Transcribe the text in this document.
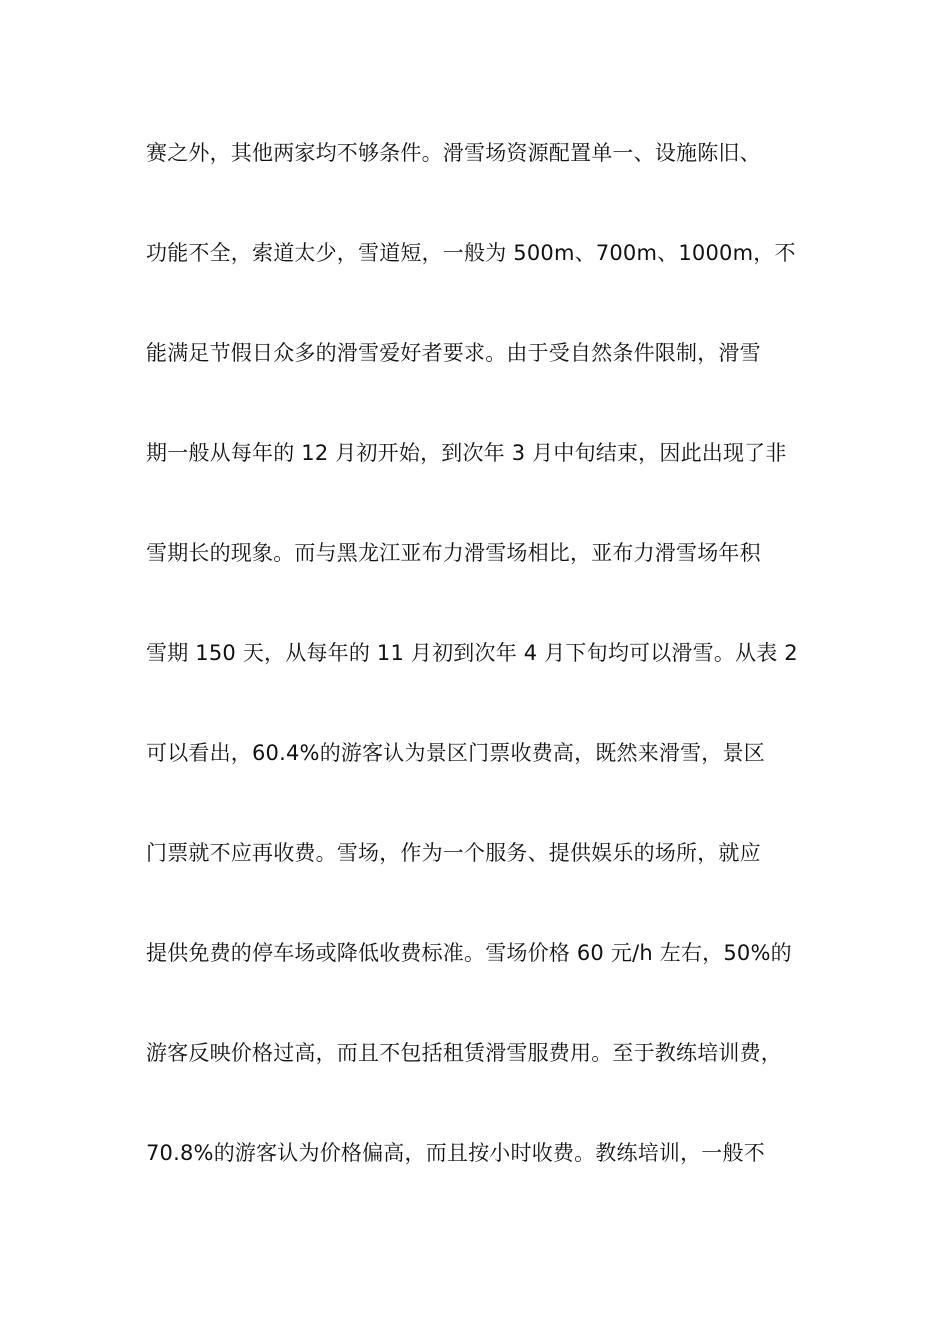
赛之外，其他两家均不够条件。滑雪场资源配置单一、设施陈旧、
功能不全，索道太少，雪道短，一般为 500m、700m、1000m，不
能满足节假日众多的滑雪爱好者要求。由于受自然条件限制，滑雪
期一般从每年的 12 月初开始，到次年 3 月中旬结束，因此出现了非
雪期长的现象。而与黑龙江亚布力滑雪场相比，亚布力滑雪场年积
雪期 150 天，从每年的 11 月初到次年 4 月下旬均可以滑雪。从表 2
可以看出，60.4%的游客认为景区门票收费高，既然来滑雪，景区
门票就不应再收费。雪场，作为一个服务、提供娱乐的场所，就应
提供免费的停车场或降低收费标准。雪场价格 60 元/h 左右，50%的
游客反映价格过高，而且不包括租赁滑雪服费用。至于教练培训费，
70.8%的游客认为价格偏高，而且按小时收费。教练培训，一般不
